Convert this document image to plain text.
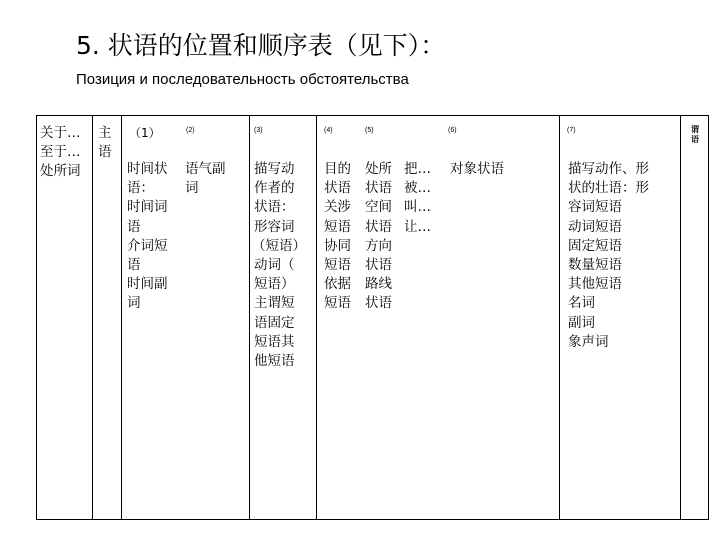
5. 状语的位置和顺序表（见下）：
Позиция и последовательность обстоятельства
关于…
至于…
处所词
主
语
（1）
时间状
语：
时间词
语
介词短
语
时间副
词
(2)
语气副
词
(3)
描写动
作者的
状语：
形容词
（短语）
动词（
短语）
主谓短
语固定
短语其
他短语
(4)
目的
状语
关涉
短语
协同
短语
依据
短语
(5)
处所
状语
空间
状语
方向
状语
路线
状语
把…
被…
叫…
让…
(6)
对象状语
(7)
描写动作、形
状的壮语：形
容词短语
动词短语
固定短语
数量短语
其他短语
名词
副词
象声词
谓
语
